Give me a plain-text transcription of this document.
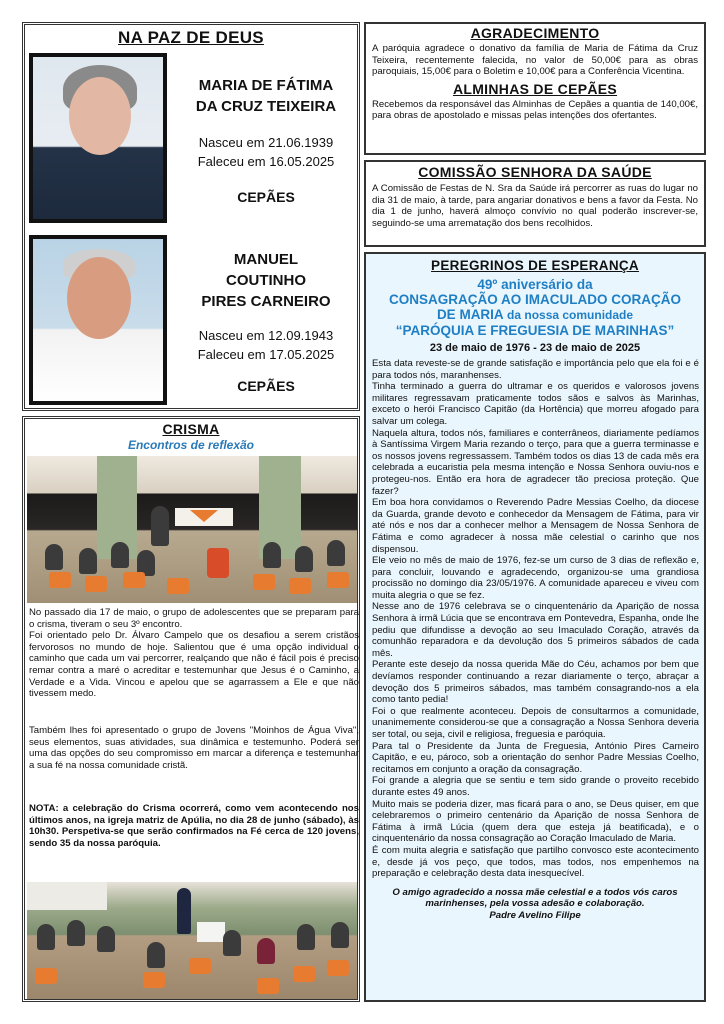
NA PAZ DE DEUS
MARIA DE FÁTIMA
DA CRUZ TEIXEIRA
Nasceu em 21.06.1939
Faleceu em 16.05.2025
CEPÃES
MANUEL
COUTINHO
PIRES CARNEIRO
Nasceu em 12.09.1943
Faleceu em 17.05.2025
CEPÃES
CRISMA
Encontros de reflexão

No passado dia 17 de maio, o grupo de adolescentes que se preparam para o crisma, tiveram o seu 3º encontro.

Foi orientado pelo Dr. Álvaro Campelo que os desafiou a serem cristãos fervorosos no mundo de hoje. Salientou que é uma opção individual o caminho que cada um vai percorrer, realçando que não é fácil pois é preciso remar contra a maré o acreditar e testemunhar que Jesus é o Caminho, a Verdade e a Vida. Vincou e apelou que se agarrassem a Ele e que não tivessem medo.

Também lhes foi apresentado o grupo de Jovens "Moinhos de Água Viva", seus elementos, suas atividades, sua dinâmica e testemunho. Poderá ser uma das opções do seu compromisso em marcar a diferença e testemunhar a sua fé na nossa comunidade cristã.

NOTA: a celebração do Crisma ocorrerá, como vem acontecendo nos últimos anos, na igreja matriz de Apúlia, no dia 28 de junho (sábado), às 10h30. Perspetiva-se que serão confirmados na Fé cerca de 120 jovens, sendo 35 da nossa paróquia.
AGRADECIMENTO
A paróquia agradece o donativo da família de Maria de Fátima da Cruz Teixeira, recentemente falecida, no valor de 50,00€ para as obras paroquiais, 15,00€ para o Boletim e 10,00€ para a Conferência Vicentina.
ALMINHAS DE CEPÃES
Recebemos da responsável das Alminhas de Cepães a quantia de 140,00€, para obras de apostolado e missas pelas intenções dos ofertantes.
COMISSÃO SENHORA DA SAÚDE
A Comissão de Festas de N. Sra da Saúde irá percorrer as ruas do lugar no dia 31 de maio, à tarde, para angariar donativos e bens a favor da Festa. No dia 1 de junho, haverá almoço convívio no qual poderão inscrever-se, seguindo-se uma arrematação dos bens recolhidos.
PEREGRINOS DE ESPERANÇA
49º aniversário da
CONSAGRAÇÃO AO IMACULADO CORAÇÃO
DE MARIA da nossa comunidade
“PARÓQUIA E FREGUESIA DE MARINHAS”
23 de maio de 1976 - 23 de maio de 2025

Esta data reveste-se de grande satisfação e importância pelo que ela foi e é para todos nós, maranhenses.

Tinha terminado a guerra do ultramar e os queridos e valorosos jovens militares regressavam praticamente todos sãos e salvos às Marinhas, exceto o herói Francisco Capitão (da Hortência) que morreu afogado para salvar um colega.

Naquela altura, todos nós, familiares e conterrâneos, diariamente pedíamos à Santíssima Virgem Maria rezando o terço, para que a guerra terminasse e os nossos jovens regressassem. Também todos os dias 13 de cada mês era celebrada a eucaristia pela mesma intenção e Nossa Senhora ouviu-nos e protegeu-nos. Então era hora de agradecer tão preciosa proteção. Que fazer?

Em boa hora convidamos o Reverendo Padre Messias Coelho, da diocese da Guarda, grande devoto e conhecedor da Mensagem de Fátima, para vir até nós e nos dar a conhecer melhor a Mensagem de Nossa Senhora de Fátima e como agradecer à nossa mãe celestial o carinho que nos dispensou.

Ele veio no mês de maio de 1976, fez-se um curso de 3 dias de reflexão e, para concluir, louvando e agradecendo, organizou-se uma grandiosa procissão no domingo dia 23/05/1976. A comunidade apareceu e viveu com muita alegria o que se fez.

Nesse ano de 1976 celebrava se o cinquentenário da Aparição de nossa Senhora à irmã Lúcia que se encontrava em Pontevedra, Espanha, onde lhe pediu que difundisse a devoção ao seu Imaculado Coração, através da comunhão reparadora e da devolução dos 5 primeiros sábados de cada mês.

Perante este desejo da nossa querida Mãe do Céu, achamos por bem que devíamos responder continuando a rezar diariamente o terço, abraçar a devoção dos 5 primeiros sábados, mas também consagrando-nos a ela como tanto pedia!

Foi o que realmente aconteceu. Depois de consultarmos a comunidade, unanimemente considerou-se que a consagração a Nossa Senhora deveria ser total, ou seja, civil e religiosa, freguesia e paróquia.

Para tal o Presidente da Junta de Freguesia, António Pires Carneiro Capitão, e eu, pároco, sob a orientação do senhor Padre Messias Coelho, recitamos em conjunto a oração da consagração.

Foi grande a alegria que se sentiu e tem sido grande o proveito recebido durante estes 49 anos.

Muito mais se poderia dizer, mas ficará para o ano, se Deus quiser, em que celebraremos o primeiro centenário da Aparição de nossa Senhora de Fátima à irmã Lúcia (quem dera que esteja já beatificada), e o cinquentenário da nossa consagração ao Coração Imaculado de Maria.

É com muita alegria e satisfação que partilho convosco este acontecimento e, desde já vos peço, que todos, mas todos, nos empenhemos na preparação e celebração desta data inesquecível.

O amigo agradecido a nossa mãe celestial e a todos vós caros
marinhenses, pela vossa adesão e colaboração.
Padre Avelino Filipe
